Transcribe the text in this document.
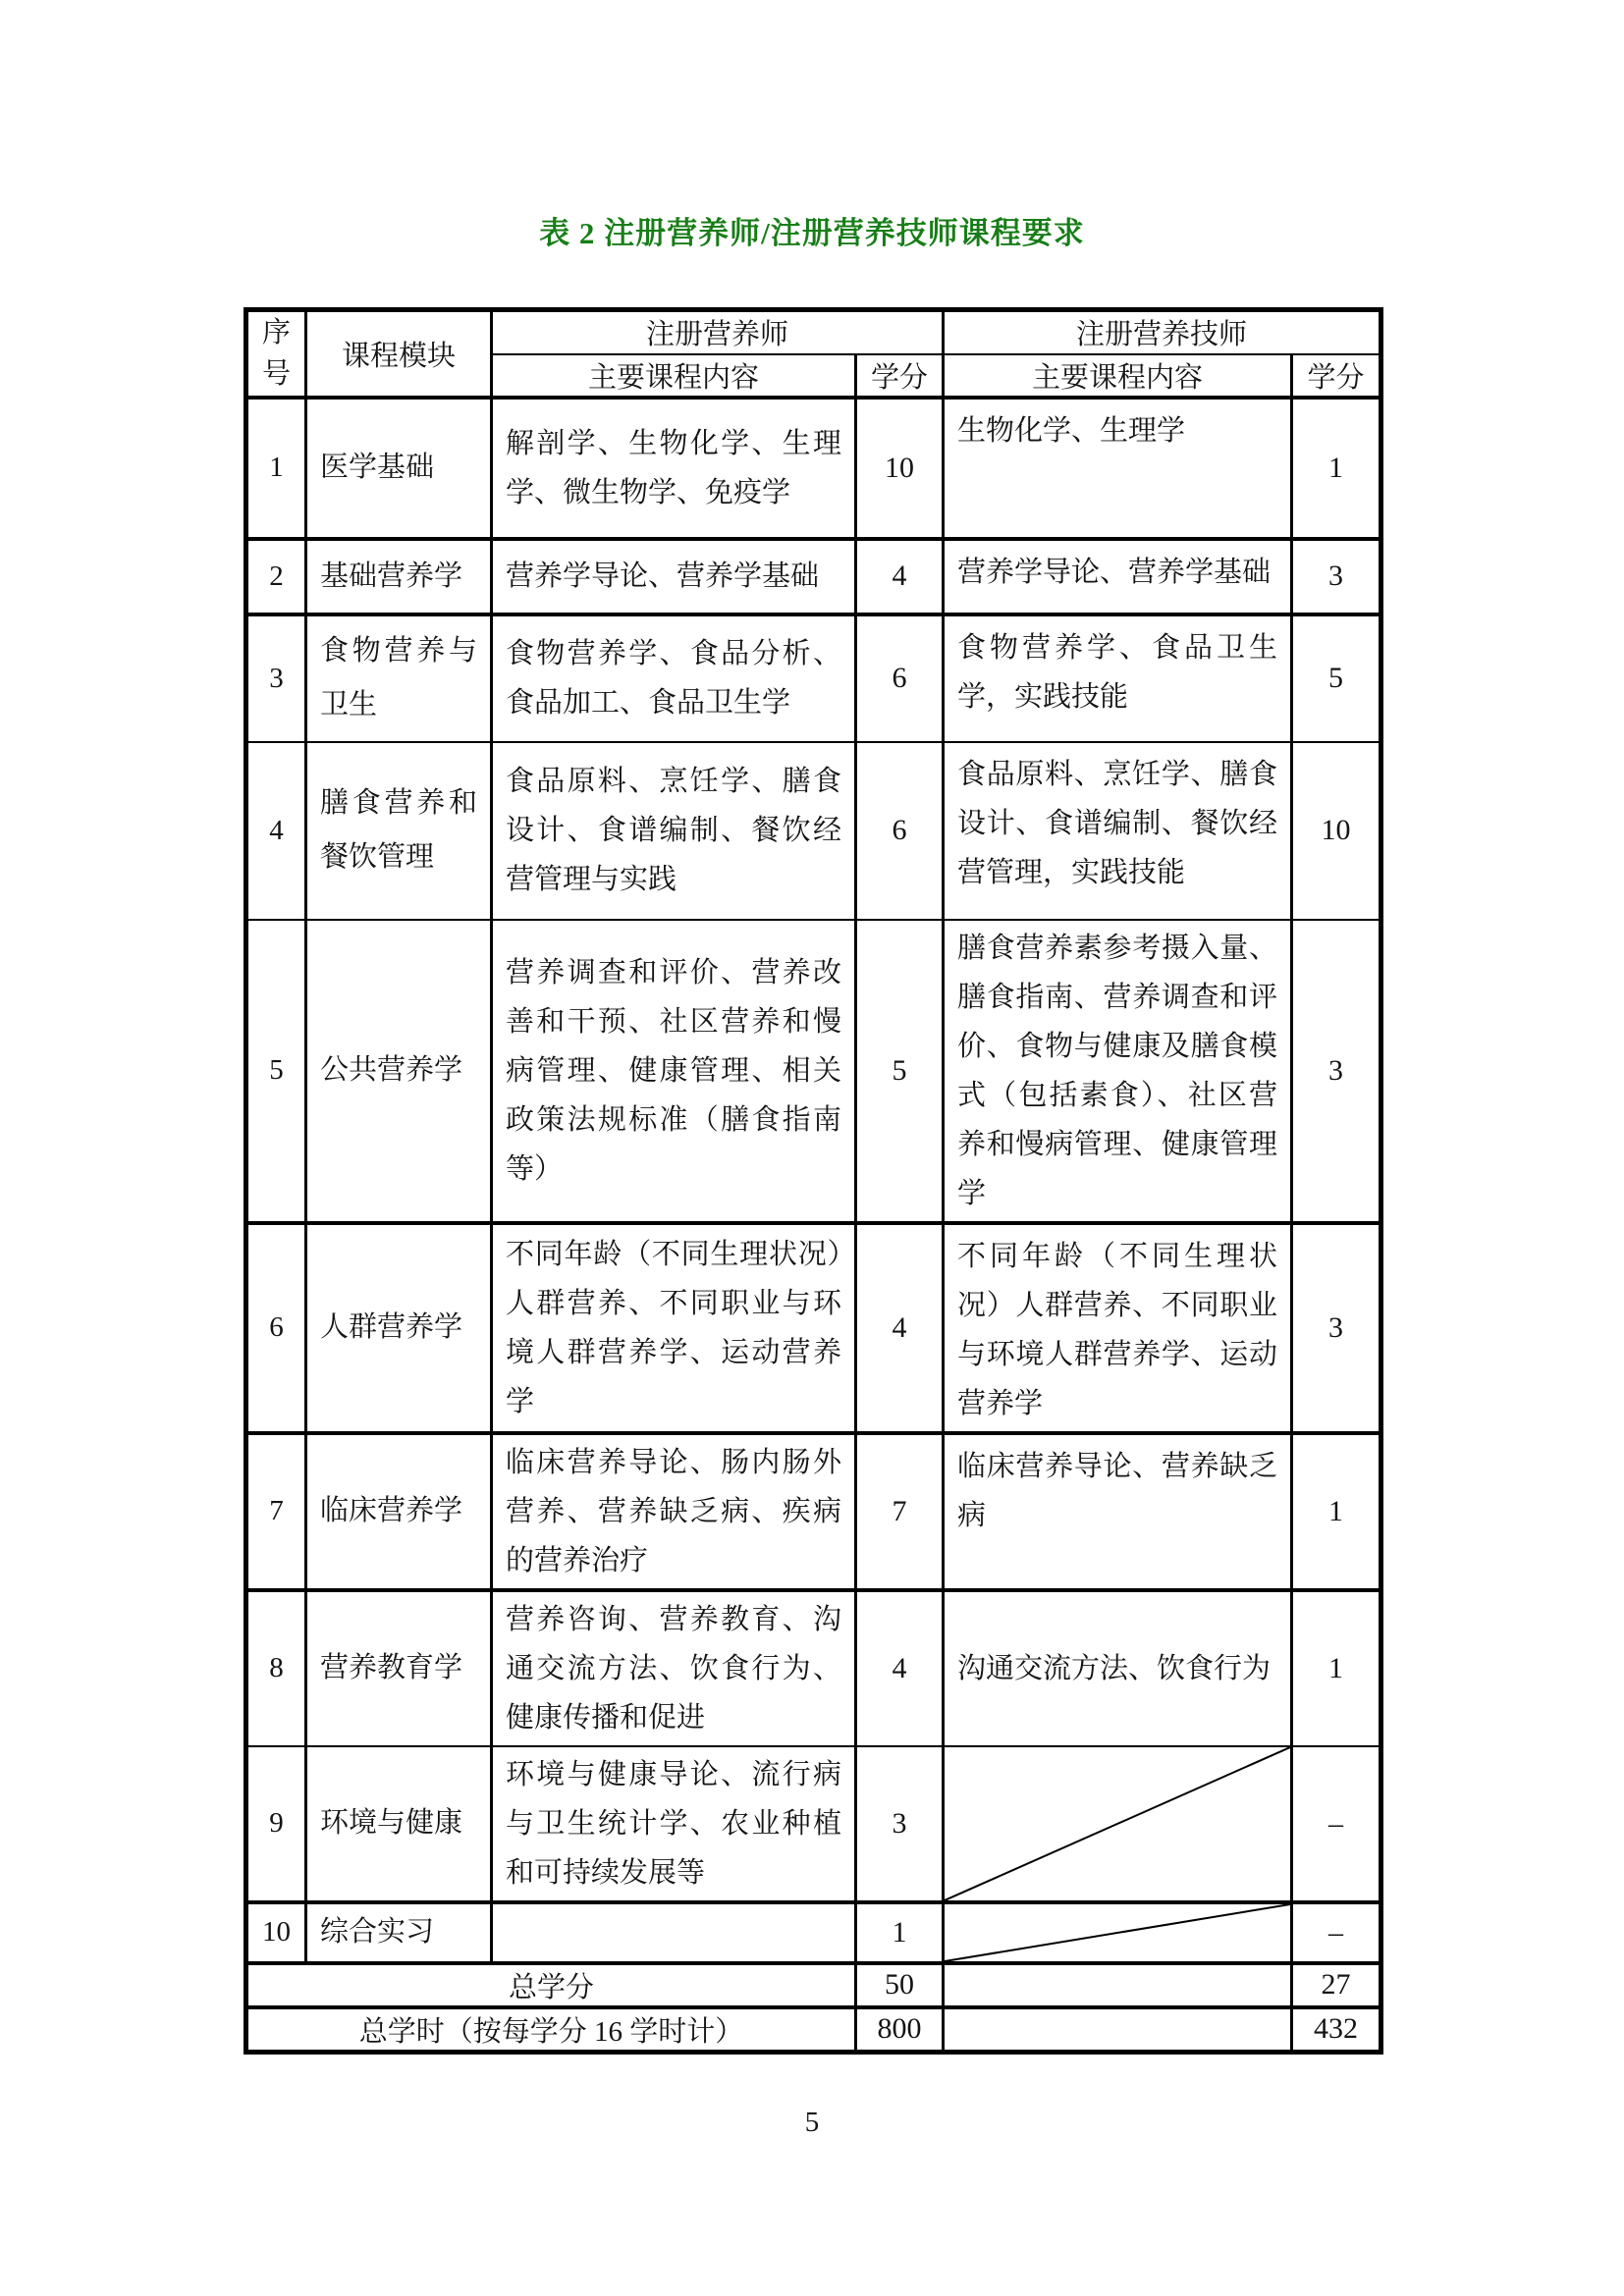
表 2 注册营养师/注册营养技师课程要求
序号	课程模块	注册营养师		注册营养技师	
		主要课程内容	学分	主要课程内容	学分
1	医学基础	解剖学、生物化学、生理学、微生物学、免疫学	10	生物化学、生理学	1
2	基础营养学	营养学导论、营养学基础	4	营养学导论、营养学基础	3
3	食物营养与卫生	食物营养学、食品分析、食品加工、食品卫生学	6	食物营养学、食品卫生学，实践技能	5
4	膳食营养和餐饮管理	食品原料、烹饪学、膳食设计、食谱编制、餐饮经营管理与实践	6	食品原料、烹饪学、膳食设计、食谱编制、餐饮经营管理，实践技能	10
5	公共营养学	营养调查和评价、营养改善和干预、社区营养和慢病管理、健康管理、相关政策法规标准（膳食指南等）	5	膳食营养素参考摄入量、膳食指南、营养调查和评价、食物与健康及膳食模式（包括素食）、社区营养和慢病管理、健康管理学	3
6	人群营养学	不同年龄（不同生理状况）人群营养、不同职业与环境人群营养学、运动营养学	4	不同年龄（不同生理状况）人群营养、不同职业与环境人群营养学、运动营养学	3
7	临床营养学	临床营养导论、肠内肠外营养、营养缺乏病、疾病的营养治疗	7	临床营养导论、营养缺乏病	1
8	营养教育学	营养咨询、营养教育、沟通交流方法、饮食行为、健康传播和促进	4	沟通交流方法、饮食行为	1
9	环境与健康	环境与健康导论、流行病与卫生统计学、农业种植和可持续发展等	3		–
10	综合实习		1		–
总学分			50		27
总学时（按每学分 16 学时计）			800		432
5
